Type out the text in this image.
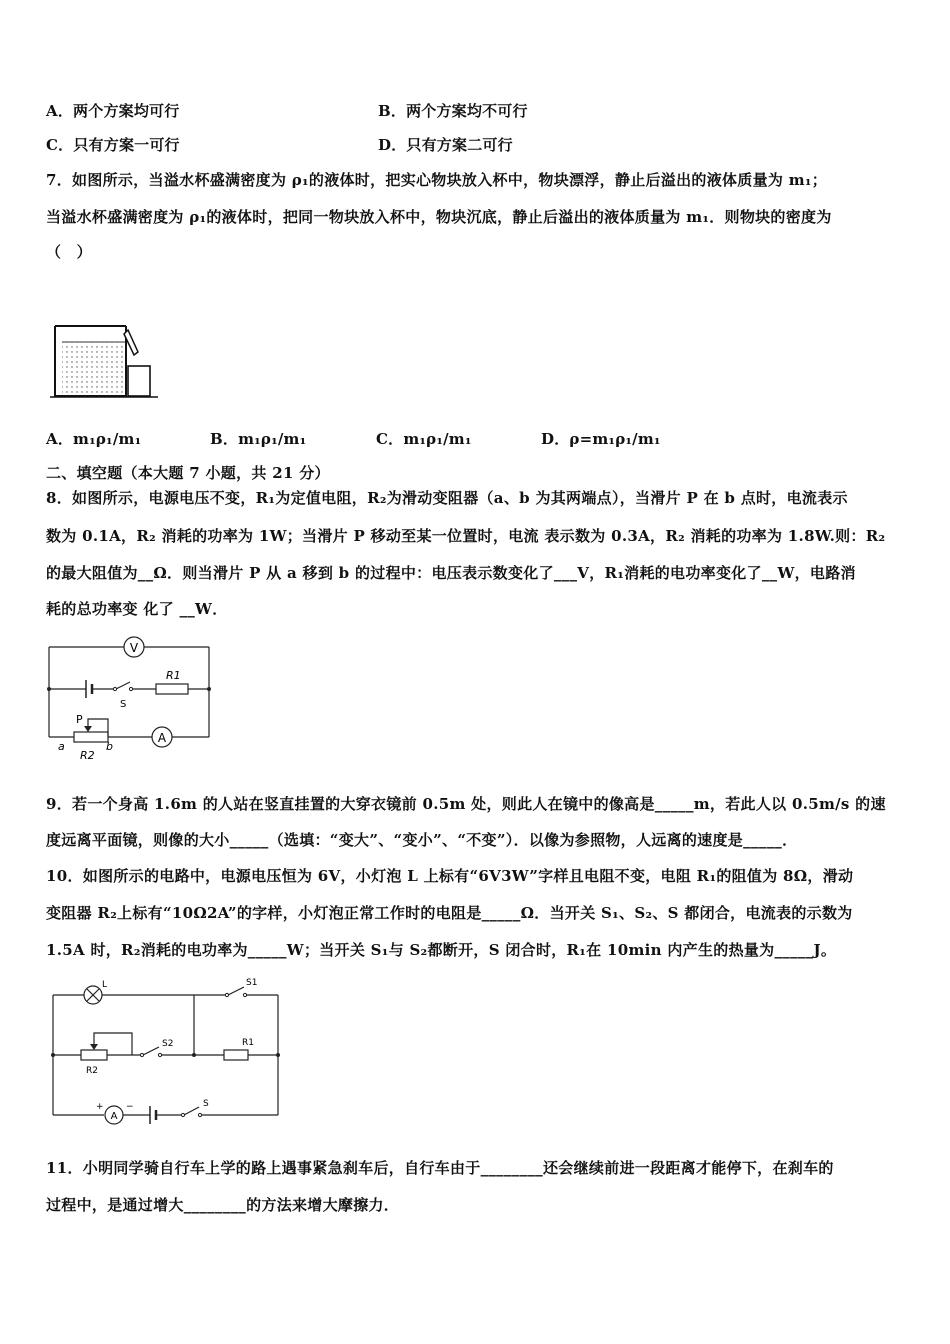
A．两个方案均可行	B．两个方案均不可行
C．只有方案一可行	D．只有方案二可行
7．如图所示，当溢水杯盛满密度为 ρ₁的液体时，把实心物块放入杯中，物块漂浮，静止后溢出的液体质量为 m₁；
当溢水杯盛满密度为 ρ₁的液体时，把同一物块放入杯中，物块沉底，静止后溢出的液体质量为 m₁．则物块的密度为
（　）
A．m₁ρ₁/m₁	B．m₁ρ₁/m₁	C．m₁ρ₁/m₁	D．ρ=m₁ρ₁/m₁
二、填空题（本大题 7 小题，共 21 分）
8．如图所示，电源电压不变，R₁为定值电阻，R₂为滑动变阻器（a、b 为其两端点），当滑片 P 在 b 点时，电流表示
数为 0.1A，R₂ 消耗的功率为 1W；当滑片 P 移动至某一位置时，电流 表示数为 0.3A，R₂ 消耗的功率为 1.8W.则：R₂
的最大阻值为__Ω．则当滑片 P 从 a 移到 b 的过程中：电压表示数变化了___V，R₁消耗的电功率变化了__W，电路消
耗的总功率变 化了 __W．
V
S
R1
P
a	b
R2
A
9．若一个身高 1.6m 的人站在竖直挂置的大穿衣镜前 0.5m 处，则此人在镜中的像高是_____m，若此人以 0.5m/s 的速
度远离平面镜，则像的大小_____（选填：“变大”、“变小”、“不变”）．以像为参照物，人远离的速度是_____．
10．如图所示的电路中，电源电压恒为 6V，小灯泡 L 上标有“6V3W”字样且电阻不变，电阻 R₁的阻值为 8Ω，滑动
变阻器 R₂上标有“10Ω2A”的字样，小灯泡正常工作时的电阻是_____Ω．当开关 S₁、S₂、S 都闭合，电流表的示数为
1.5A 时，R₂消耗的电功率为_____W；当开关 S₁与 S₂都断开，S 闭合时，R₁在 10min 内产生的热量为_____J。
L	S1
R2
S2	R1
+
A
−	S
11．小明同学骑自行车上学的路上遇事紧急刹车后，自行车由于________还会继续前进一段距离才能停下，在刹车的
过程中，是通过增大________的方法来增大摩擦力．
